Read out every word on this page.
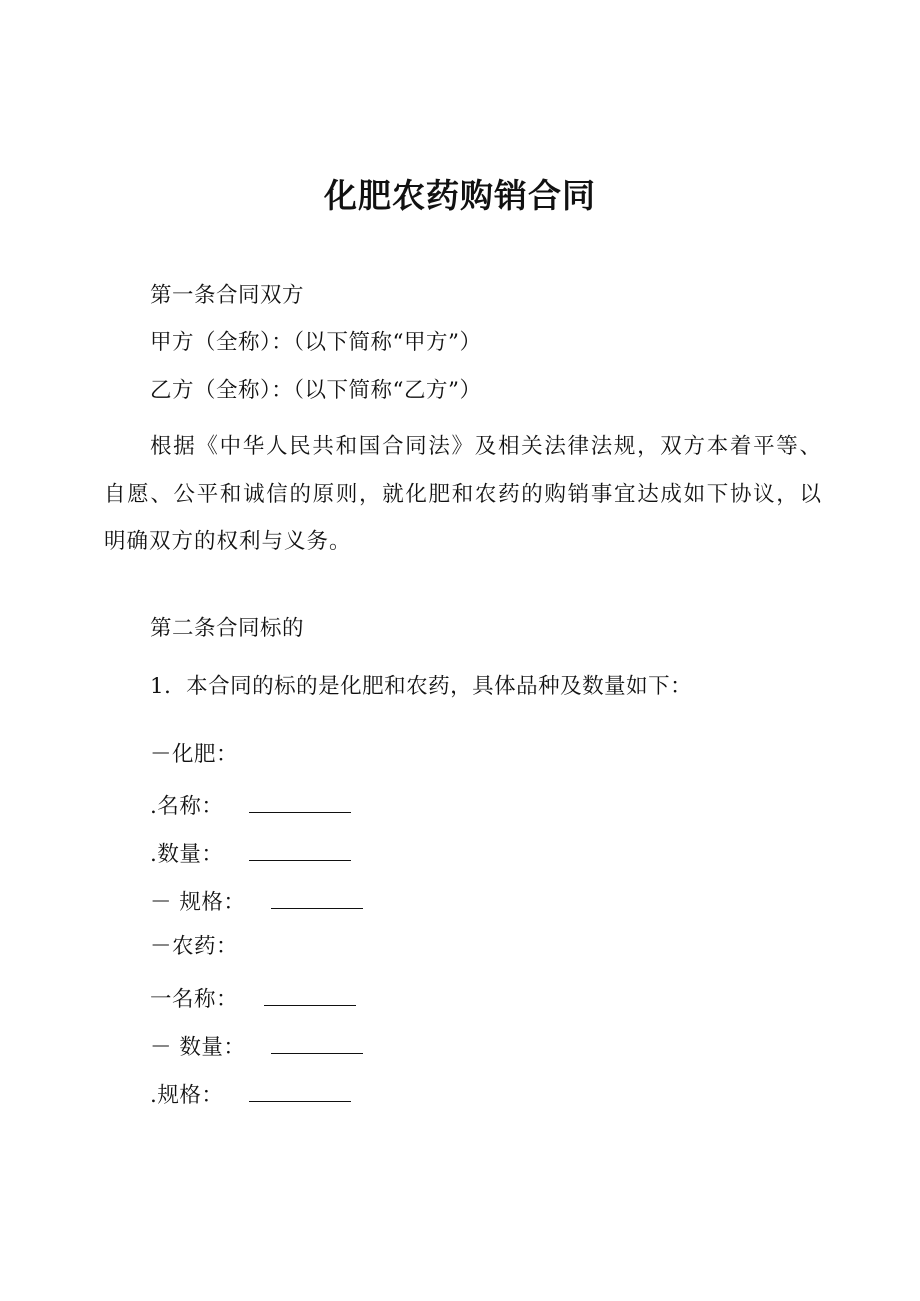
化肥农药购销合同
第一条合同双方
甲方（全称）：（以下简称“甲方”）
乙方（全称）：（以下简称“乙方”）
根据《中华人民共和国合同法》及相关法律法规，双方本着平等、自愿、公平和诚信的原则，就化肥和农药的购销事宜达成如下协议，以明确双方的权利与义务。
第二条合同标的
1．本合同的标的是化肥和农药，具体品种及数量如下：
－化肥：
.名称：
.数量：
－ 规格：
－农药：
一名称：
－ 数量：
.规格：
